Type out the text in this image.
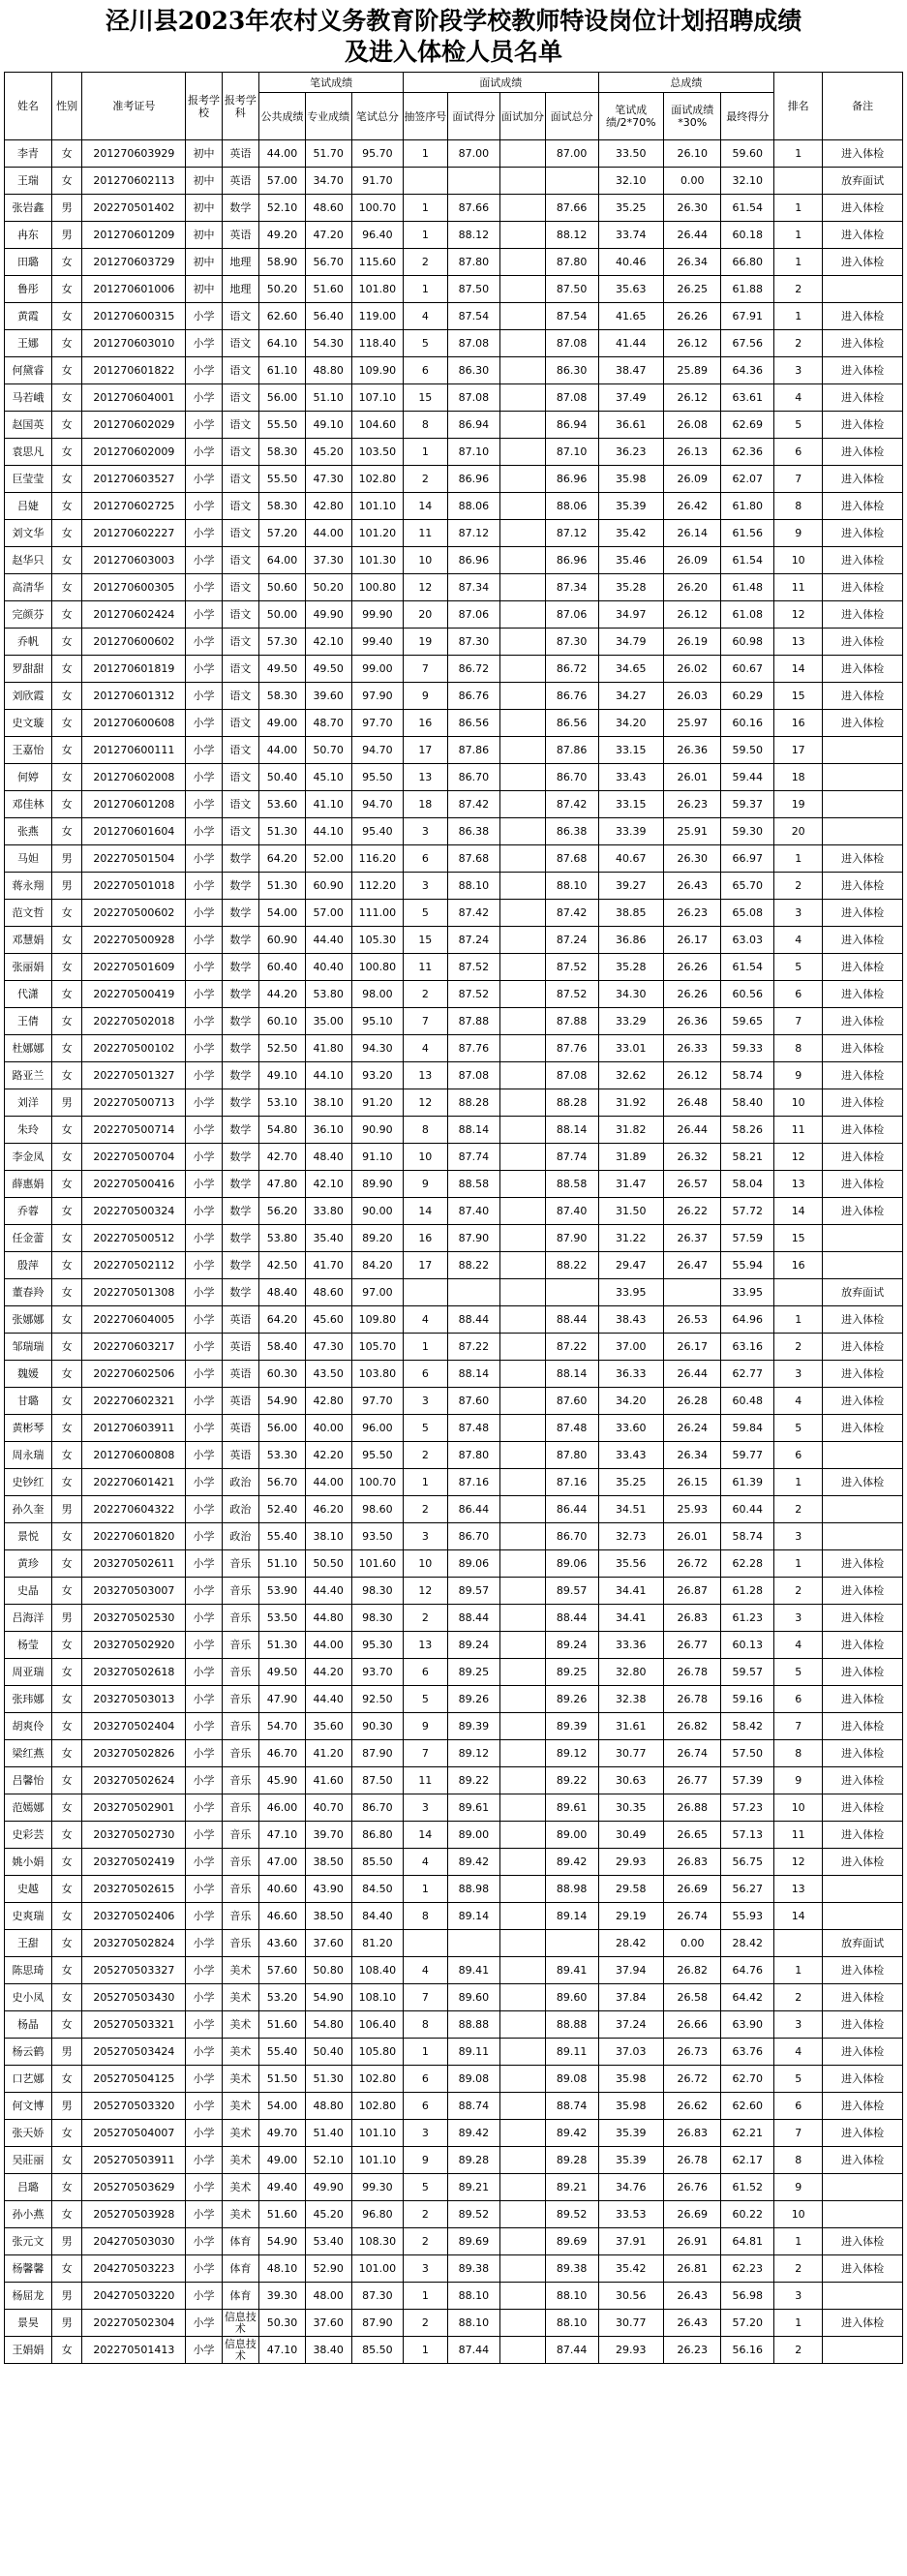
泾川县2023年农村义务教育阶段学校教师特设岗位计划招聘成绩
及进入体检人员名单
姓名	性别	准考证号	报考学校	报考学科	笔试成绩			面试成绩				总成绩			排名	备注
					公共成绩	专业成绩	笔试总分	抽签序号	面试得分	面试加分	面试总分	笔试成绩/2*70%	面试成绩*30%	最终得分		
李青	女	201270603929	初中	英语	44.00	51.70	95.70	1	87.00		87.00	33.50	26.10	59.60	1	进入体检
王瑞	女	201270602113	初中	英语	57.00	34.70	91.70					32.10	0.00	32.10		放弃面试
张岩鑫	男	202270501402	初中	数学	52.10	48.60	100.70	1	87.66		87.66	35.25	26.30	61.54	1	进入体检
冉东	男	201270601209	初中	英语	49.20	47.20	96.40	1	88.12		88.12	33.74	26.44	60.18	1	进入体检
田璐	女	201270603729	初中	地理	58.90	56.70	115.60	2	87.80		87.80	40.46	26.34	66.80	1	进入体检
鲁彤	女	201270601006	初中	地理	50.20	51.60	101.80	1	87.50		87.50	35.63	26.25	61.88	2	
黄霞	女	201270600315	小学	语文	62.60	56.40	119.00	4	87.54		87.54	41.65	26.26	67.91	1	进入体检
王娜	女	201270603010	小学	语文	64.10	54.30	118.40	5	87.08		87.08	41.44	26.12	67.56	2	进入体检
何黛睿	女	201270601822	小学	语文	61.10	48.80	109.90	6	86.30		86.30	38.47	25.89	64.36	3	进入体检
马若峨	女	201270604001	小学	语文	56.00	51.10	107.10	15	87.08		87.08	37.49	26.12	63.61	4	进入体检
赵国英	女	201270602029	小学	语文	55.50	49.10	104.60	8	86.94		86.94	36.61	26.08	62.69	5	进入体检
袁思凡	女	201270602009	小学	语文	58.30	45.20	103.50	1	87.10		87.10	36.23	26.13	62.36	6	进入体检
巨莹莹	女	201270603527	小学	语文	55.50	47.30	102.80	2	86.96		86.96	35.98	26.09	62.07	7	进入体检
吕婕	女	201270602725	小学	语文	58.30	42.80	101.10	14	88.06		88.06	35.39	26.42	61.80	8	进入体检
刘文华	女	201270602227	小学	语文	57.20	44.00	101.20	11	87.12		87.12	35.42	26.14	61.56	9	进入体检
赵华只	女	201270603003	小学	语文	64.00	37.30	101.30	10	86.96		86.96	35.46	26.09	61.54	10	进入体检
高清华	女	201270600305	小学	语文	50.60	50.20	100.80	12	87.34		87.34	35.28	26.20	61.48	11	进入体检
完颜芬	女	201270602424	小学	语文	50.00	49.90	99.90	20	87.06		87.06	34.97	26.12	61.08	12	进入体检
乔帆	女	201270600602	小学	语文	57.30	42.10	99.40	19	87.30		87.30	34.79	26.19	60.98	13	进入体检
罗甜甜	女	201270601819	小学	语文	49.50	49.50	99.00	7	86.72		86.72	34.65	26.02	60.67	14	进入体检
刘欣霞	女	201270601312	小学	语文	58.30	39.60	97.90	9	86.76		86.76	34.27	26.03	60.29	15	进入体检
史文璇	女	201270600608	小学	语文	49.00	48.70	97.70	16	86.56		86.56	34.20	25.97	60.16	16	进入体检
王嘉怡	女	201270600111	小学	语文	44.00	50.70	94.70	17	87.86		87.86	33.15	26.36	59.50	17	
何婷	女	201270602008	小学	语文	50.40	45.10	95.50	13	86.70		86.70	33.43	26.01	59.44	18	
邓佳林	女	201270601208	小学	语文	53.60	41.10	94.70	18	87.42		87.42	33.15	26.23	59.37	19	
张燕	女	201270601604	小学	语文	51.30	44.10	95.40	3	86.38		86.38	33.39	25.91	59.30	20	
马妲	男	202270501504	小学	数学	64.20	52.00	116.20	6	87.68		87.68	40.67	26.30	66.97	1	进入体检
蒋永翔	男	202270501018	小学	数学	51.30	60.90	112.20	3	88.10		88.10	39.27	26.43	65.70	2	进入体检
范文哲	女	202270500602	小学	数学	54.00	57.00	111.00	5	87.42		87.42	38.85	26.23	65.08	3	进入体检
邓慧娟	女	202270500928	小学	数学	60.90	44.40	105.30	15	87.24		87.24	36.86	26.17	63.03	4	进入体检
张丽娟	女	202270501609	小学	数学	60.40	40.40	100.80	11	87.52		87.52	35.28	26.26	61.54	5	进入体检
代潇	女	202270500419	小学	数学	44.20	53.80	98.00	2	87.52		87.52	34.30	26.26	60.56	6	进入体检
王倩	女	202270502018	小学	数学	60.10	35.00	95.10	7	87.88		87.88	33.29	26.36	59.65	7	进入体检
杜娜娜	女	202270500102	小学	数学	52.50	41.80	94.30	4	87.76		87.76	33.01	26.33	59.33	8	进入体检
路亚兰	女	202270501327	小学	数学	49.10	44.10	93.20	13	87.08		87.08	32.62	26.12	58.74	9	进入体检
刘洋	男	202270500713	小学	数学	53.10	38.10	91.20	12	88.28		88.28	31.92	26.48	58.40	10	进入体检
朱玲	女	202270500714	小学	数学	54.80	36.10	90.90	8	88.14		88.14	31.82	26.44	58.26	11	进入体检
李金凤	女	202270500704	小学	数学	42.70	48.40	91.10	10	87.74		87.74	31.89	26.32	58.21	12	进入体检
薛惠娟	女	202270500416	小学	数学	47.80	42.10	89.90	9	88.58		88.58	31.47	26.57	58.04	13	进入体检
乔蓉	女	202270500324	小学	数学	56.20	33.80	90.00	14	87.40		87.40	31.50	26.22	57.72	14	进入体检
任金蕾	女	202270500512	小学	数学	53.80	35.40	89.20	16	87.90		87.90	31.22	26.37	57.59	15	
殷萍	女	202270502112	小学	数学	42.50	41.70	84.20	17	88.22		88.22	29.47	26.47	55.94	16	
董春羚	女	202270501308	小学	数学	48.40	48.60	97.00					33.95		33.95		放弃面试
张娜娜	女	202270604005	小学	英语	64.20	45.60	109.80	4	88.44		88.44	38.43	26.53	64.96	1	进入体检
邹瑞瑞	女	202270603217	小学	英语	58.40	47.30	105.70	1	87.22		87.22	37.00	26.17	63.16	2	进入体检
魏媛	女	202270602506	小学	英语	60.30	43.50	103.80	6	88.14		88.14	36.33	26.44	62.77	3	进入体检
甘璐	女	202270602321	小学	英语	54.90	42.80	97.70	3	87.60		87.60	34.20	26.28	60.48	4	进入体检
黄彬琴	女	201270603911	小学	英语	56.00	40.00	96.00	5	87.48		87.48	33.60	26.24	59.84	5	进入体检
周永瑞	女	201270600808	小学	英语	53.30	42.20	95.50	2	87.80		87.80	33.43	26.34	59.77	6	
史钞红	女	202270601421	小学	政治	56.70	44.00	100.70	1	87.16		87.16	35.25	26.15	61.39	1	进入体检
孙久奎	男	202270604322	小学	政治	52.40	46.20	98.60	2	86.44		86.44	34.51	25.93	60.44	2	
景悦	女	202270601820	小学	政治	55.40	38.10	93.50	3	86.70		86.70	32.73	26.01	58.74	3	
黄珍	女	203270502611	小学	音乐	51.10	50.50	101.60	10	89.06		89.06	35.56	26.72	62.28	1	进入体检
史晶	女	203270503007	小学	音乐	53.90	44.40	98.30	12	89.57		89.57	34.41	26.87	61.28	2	进入体检
吕海洋	男	203270502530	小学	音乐	53.50	44.80	98.30	2	88.44		88.44	34.41	26.83	61.23	3	进入体检
杨莹	女	203270502920	小学	音乐	51.30	44.00	95.30	13	89.24		89.24	33.36	26.77	60.13	4	进入体检
周亚瑞	女	203270502618	小学	音乐	49.50	44.20	93.70	6	89.25		89.25	32.80	26.78	59.57	5	进入体检
张玮娜	女	203270503013	小学	音乐	47.90	44.40	92.50	5	89.26		89.26	32.38	26.78	59.16	6	进入体检
胡爽伶	女	203270502404	小学	音乐	54.70	35.60	90.30	9	89.39		89.39	31.61	26.82	58.42	7	进入体检
梁红燕	女	203270502826	小学	音乐	46.70	41.20	87.90	7	89.12		89.12	30.77	26.74	57.50	8	进入体检
吕馨怡	女	203270502624	小学	音乐	45.90	41.60	87.50	11	89.22		89.22	30.63	26.77	57.39	9	进入体检
范嫣娜	女	203270502901	小学	音乐	46.00	40.70	86.70	3	89.61		89.61	30.35	26.88	57.23	10	进入体检
史彩芸	女	203270502730	小学	音乐	47.10	39.70	86.80	14	89.00		89.00	30.49	26.65	57.13	11	进入体检
姚小娟	女	203270502419	小学	音乐	47.00	38.50	85.50	4	89.42		89.42	29.93	26.83	56.75	12	进入体检
史越	女	203270502615	小学	音乐	40.60	43.90	84.50	1	88.98		88.98	29.58	26.69	56.27	13	
史爽瑞	女	203270502406	小学	音乐	46.60	38.50	84.40	8	89.14		89.14	29.19	26.74	55.93	14	
王甜	女	203270502824	小学	音乐	43.60	37.60	81.20					28.42	0.00	28.42		放弃面试
陈思琦	女	205270503327	小学	美术	57.60	50.80	108.40	4	89.41		89.41	37.94	26.82	64.76	1	进入体检
史小凤	女	205270503430	小学	美术	53.20	54.90	108.10	7	89.60		89.60	37.84	26.58	64.42	2	进入体检
杨晶	女	205270503321	小学	美术	51.60	54.80	106.40	8	88.88		88.88	37.24	26.66	63.90	3	进入体检
杨云鹤	男	205270503424	小学	美术	55.40	50.40	105.80	1	89.11		89.11	37.03	26.73	63.76	4	进入体检
口艺娜	女	205270504125	小学	美术	51.50	51.30	102.80	6	89.08		89.08	35.98	26.72	62.70	5	进入体检
何文博	男	205270503320	小学	美术	54.00	48.80	102.80	6	88.74		88.74	35.98	26.62	62.60	6	进入体检
张天娇	女	205270504007	小学	美术	49.70	51.40	101.10	3	89.42		89.42	35.39	26.83	62.21	7	进入体检
吴莊丽	女	205270503911	小学	美术	49.00	52.10	101.10	9	89.28		89.28	35.39	26.78	62.17	8	进入体检
吕璐	女	205270503629	小学	美术	49.40	49.90	99.30	5	89.21		89.21	34.76	26.76	61.52	9	
孙小燕	女	205270503928	小学	美术	51.60	45.20	96.80	2	89.52		89.52	33.53	26.69	60.22	10	
张元文	男	204270503030	小学	体育	54.90	53.40	108.30	2	89.69		89.69	37.91	26.91	64.81	1	进入体检
杨馨馨	女	204270503223	小学	体育	48.10	52.90	101.00	3	89.38		89.38	35.42	26.81	62.23	2	进入体检
杨屈龙	男	204270503220	小学	体育	39.30	48.00	87.30	1	88.10		88.10	30.56	26.43	56.98	3	
景昊	男	202270502304	小学	信息技术	50.30	37.60	87.90	2	88.10		88.10	30.77	26.43	57.20	1	进入体检
王娟娟	女	202270501413	小学	信息技术	47.10	38.40	85.50	1	87.44		87.44	29.93	26.23	56.16	2	
